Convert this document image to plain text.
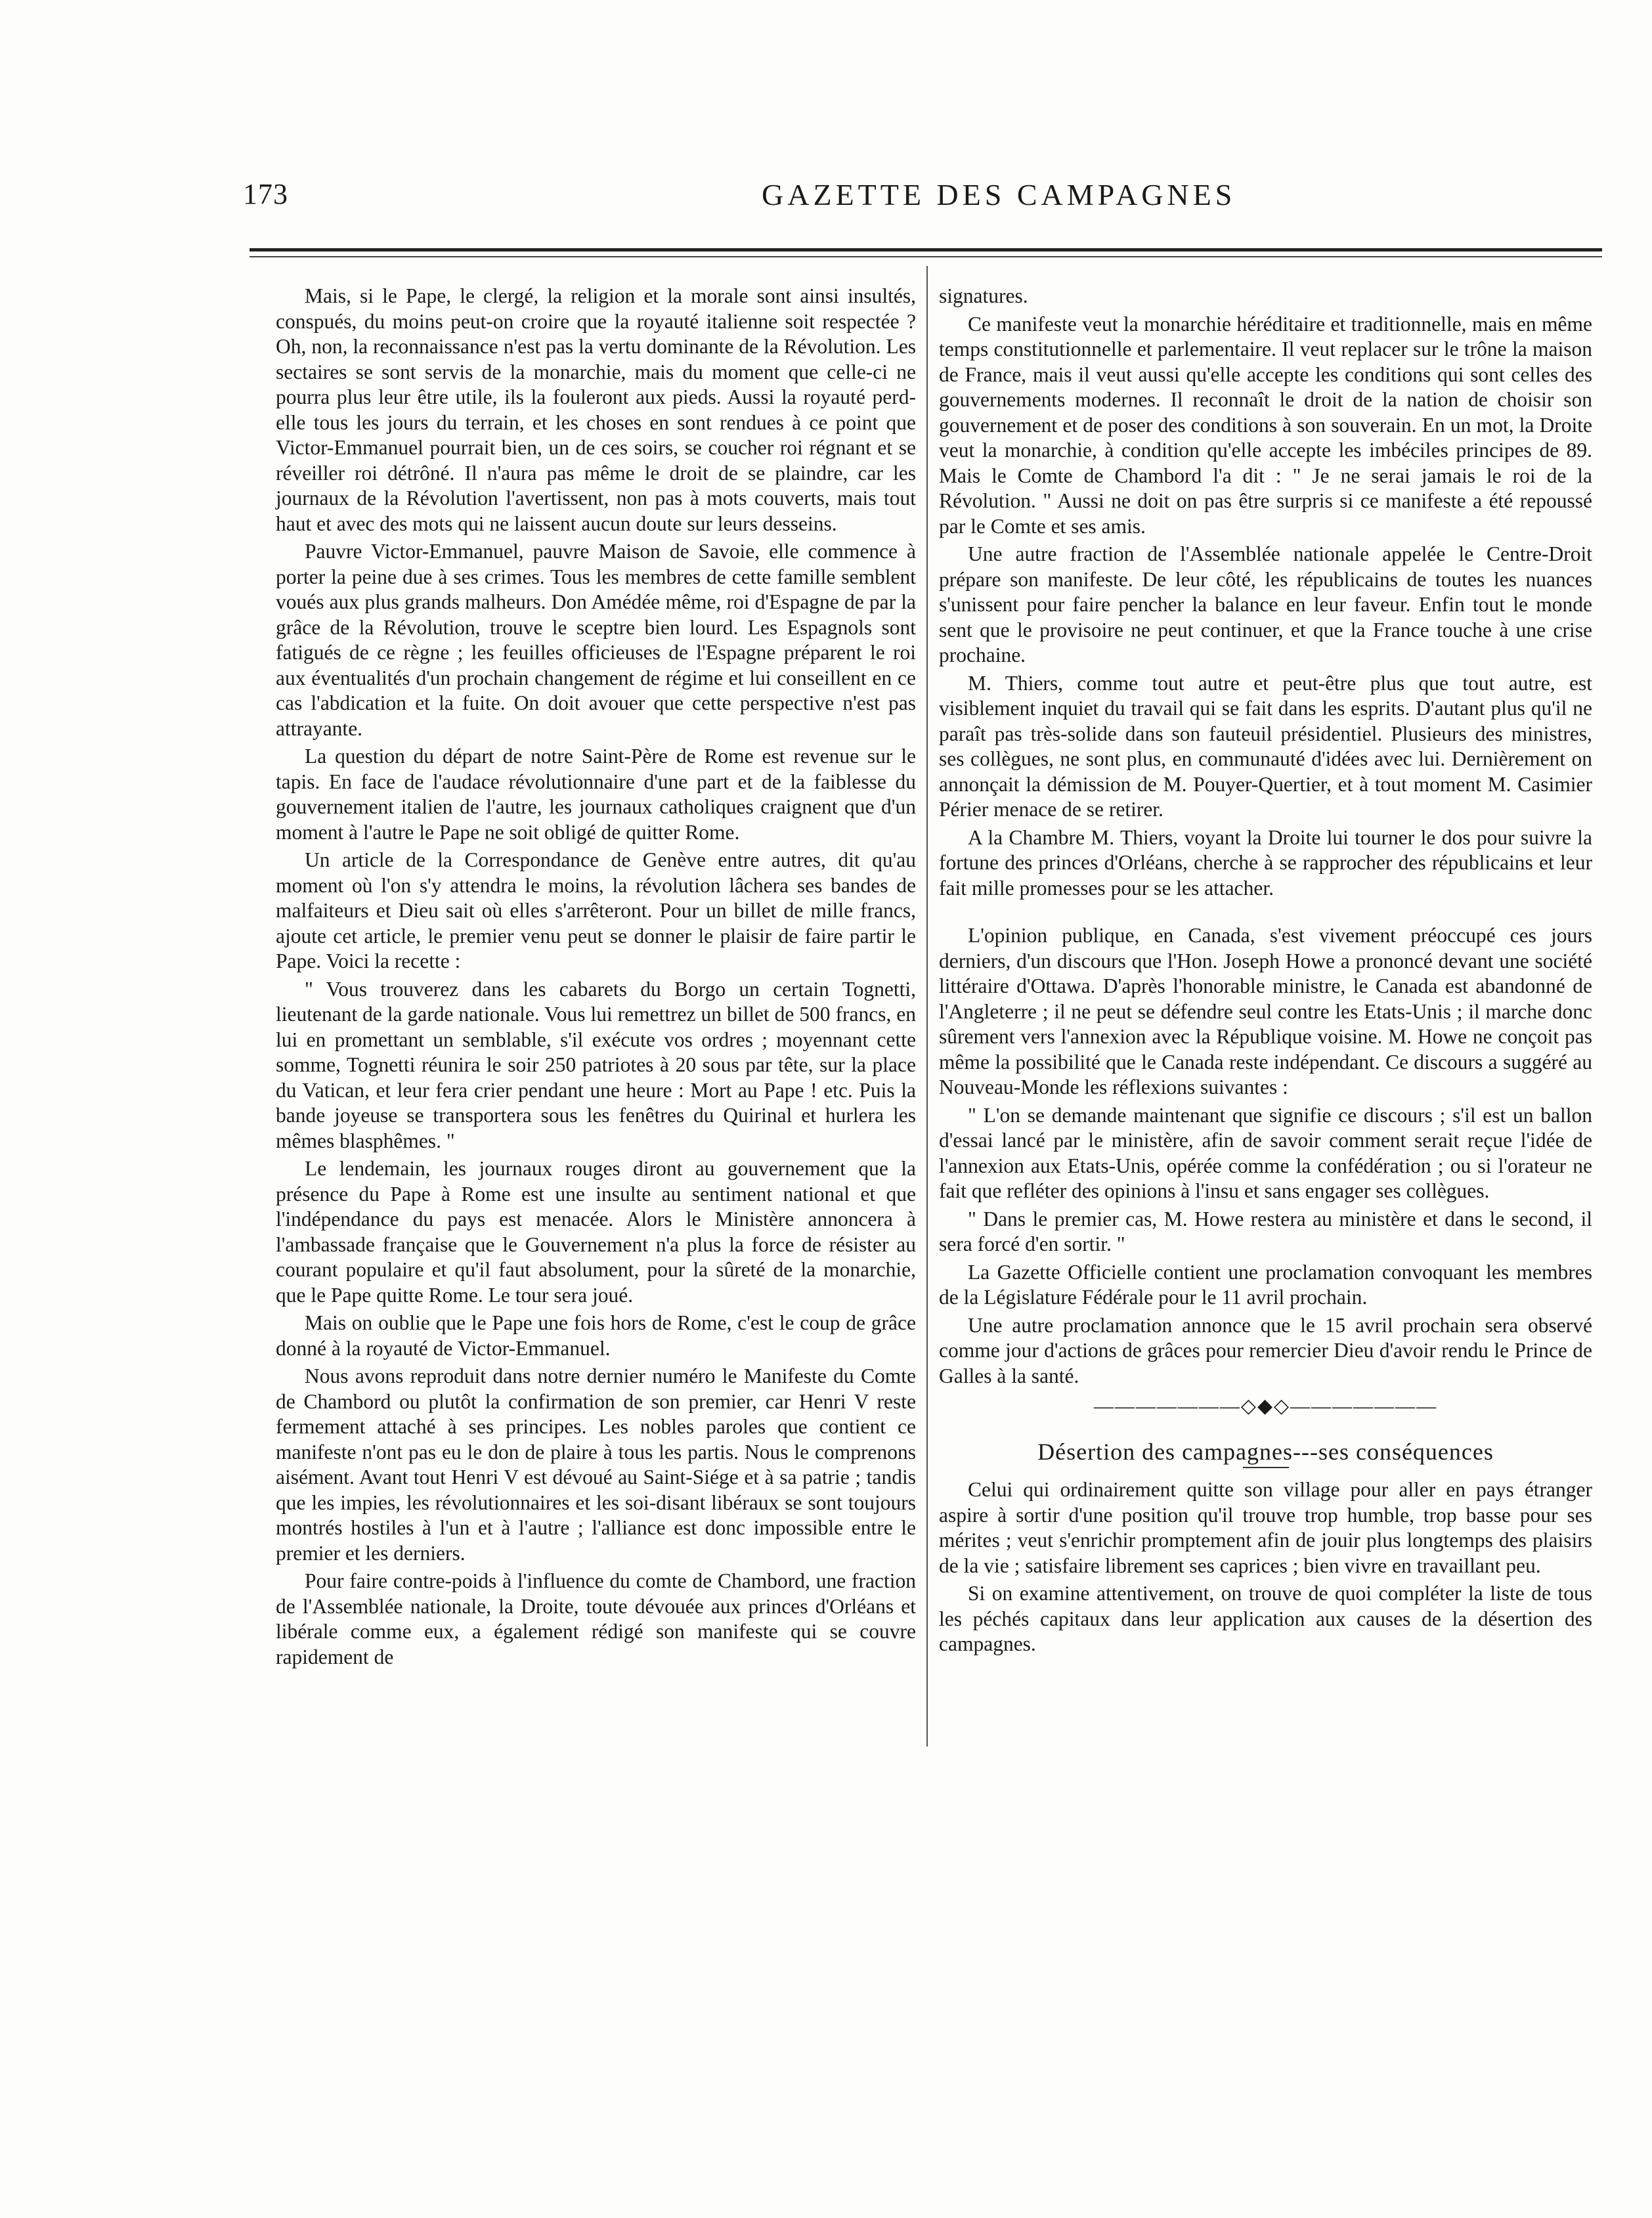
173	GAZETTE DES CAMPAGNES

Mais, si le Pape, le clergé, la religion et la morale sont ainsi insultés, conspués, du moins peut-on croire que la royauté italienne soit respectée ? Oh, non, la reconnaissance n'est pas la vertu dominante de la Révolution. Les sectaires se sont servis de la monarchie, mais du moment que celle-ci ne pourra plus leur être utile, ils la fouleront aux pieds. Aussi la royauté perd-elle tous les jours du terrain, et les choses en sont rendues à ce point que Victor-Emmanuel pourrait bien, un de ces soirs, se coucher roi régnant et se réveiller roi détrôné. Il n'aura pas même le droit de se plaindre, car les journaux de la Révolution l'avertissent, non pas à mots couverts, mais tout haut et avec des mots qui ne laissent aucun doute sur leurs desseins.

Pauvre Victor-Emmanuel, pauvre Maison de Savoie, elle commence à porter la peine due à ses crimes. Tous les membres de cette famille semblent voués aux plus grands malheurs. Don Amédée même, roi d'Espagne de par la grâce de la Révolution, trouve le sceptre bien lourd. Les Espagnols sont fatigués de ce règne ; les feuilles officieuses de l'Espagne préparent le roi aux éventualités d'un prochain changement de régime et lui conseillent en ce cas l'abdication et la fuite. On doit avouer que cette perspective n'est pas attrayante.

La question du départ de notre Saint-Père de Rome est revenue sur le tapis. En face de l'audace révolutionnaire d'une part et de la faiblesse du gouvernement italien de l'autre, les journaux catholiques craignent que d'un moment à l'autre le Pape ne soit obligé de quitter Rome.

Un article de la Correspondance de Genève entre autres, dit qu'au moment où l'on s'y attendra le moins, la révolution lâchera ses bandes de malfaiteurs et Dieu sait où elles s'arrêteront. Pour un billet de mille francs, ajoute cet article, le premier venu peut se donner le plaisir de faire partir le Pape. Voici la recette :

" Vous trouverez dans les cabarets du Borgo un certain Tognetti, lieutenant de la garde nationale. Vous lui remettrez un billet de 500 francs, en lui en promettant un semblable, s'il exécute vos ordres ; moyennant cette somme, Tognetti réunira le soir 250 patriotes à 20 sous par tête, sur la place du Vatican, et leur fera crier pendant une heure : Mort au Pape ! etc. Puis la bande joyeuse se transportera sous les fenêtres du Quirinal et hurlera les mêmes blasphêmes. "

Le lendemain, les journaux rouges diront au gouvernement que la présence du Pape à Rome est une insulte au sentiment national et que l'indépendance du pays est menacée. Alors le Ministère annoncera à l'ambassade française que le Gouvernement n'a plus la force de résister au courant populaire et qu'il faut absolument, pour la sûreté de la monarchie, que le Pape quitte Rome. Le tour sera joué.

Mais on oublie que le Pape une fois hors de Rome, c'est le coup de grâce donné à la royauté de Victor-Emmanuel.

Nous avons reproduit dans notre dernier numéro le Manifeste du Comte de Chambord ou plutôt la confirmation de son premier, car Henri V reste fermement attaché à ses principes. Les nobles paroles que contient ce manifeste n'ont pas eu le don de plaire à tous les partis. Nous le comprenons aisément. Avant tout Henri V est dévoué au Saint-Siége et à sa patrie ; tandis que les impies, les révolutionnaires et les soi-disant libéraux se sont toujours montrés hostiles à l'un et à l'autre ; l'alliance est donc impossible entre le premier et les derniers.

Pour faire contre-poids à l'influence du comte de Chambord, une fraction de l'Assemblée nationale, la Droite, toute dévouée aux princes d'Orléans et libérale comme eux, a également rédigé son manifeste qui se couvre rapidement de

signatures.

Ce manifeste veut la monarchie héréditaire et traditionnelle, mais en même temps constitutionnelle et parlementaire. Il veut replacer sur le trône la maison de France, mais il veut aussi qu'elle accepte les conditions qui sont celles des gouvernements modernes. Il reconnaît le droit de la nation de choisir son gouvernement et de poser des conditions à son souverain. En un mot, la Droite veut la monarchie, à condition qu'elle accepte les imbéciles principes de 89. Mais le Comte de Chambord l'a dit : " Je ne serai jamais le roi de la Révolution. " Aussi ne doit on pas être surpris si ce manifeste a été repoussé par le Comte et ses amis.

Une autre fraction de l'Assemblée nationale appelée le Centre-Droit prépare son manifeste. De leur côté, les républicains de toutes les nuances s'unissent pour faire pencher la balance en leur faveur. Enfin tout le monde sent que le provisoire ne peut continuer, et que la France touche à une crise prochaine.

M. Thiers, comme tout autre et peut-être plus que tout autre, est visiblement inquiet du travail qui se fait dans les esprits. D'autant plus qu'il ne paraît pas très-solide dans son fauteuil présidentiel. Plusieurs des ministres, ses collègues, ne sont plus, en communauté d'idées avec lui. Dernièrement on annonçait la démission de M. Pouyer-Quertier, et à tout moment M. Casimier Périer menace de se retirer.

A la Chambre M. Thiers, voyant la Droite lui tourner le dos pour suivre la fortune des princes d'Orléans, cherche à se rapprocher des républicains et leur fait mille promesses pour se les attacher.

L'opinion publique, en Canada, s'est vivement préoccupé ces jours derniers, d'un discours que l'Hon. Joseph Howe a prononcé devant une société littéraire d'Ottawa. D'après l'honorable ministre, le Canada est abandonné de l'Angleterre ; il ne peut se défendre seul contre les Etats-Unis ; il marche donc sûrement vers l'annexion avec la République voisine. M. Howe ne conçoit pas même la possibilité que le Canada reste indépendant. Ce discours a suggéré au Nouveau-Monde les réflexions suivantes :

" L'on se demande maintenant que signifie ce discours ; s'il est un ballon d'essai lancé par le ministère, afin de savoir comment serait reçue l'idée de l'annexion aux Etats-Unis, opérée comme la confédération ; ou si l'orateur ne fait que refléter des opinions à l'insu et sans engager ses collègues.

" Dans le premier cas, M. Howe restera au ministère et dans le second, il sera forcé d'en sortir. "

La Gazette Officielle contient une proclamation convoquant les membres de la Législature Fédérale pour le 11 avril prochain.

Une autre proclamation annonce que le 15 avril prochain sera observé comme jour d'actions de grâces pour remercier Dieu d'avoir rendu le Prince de Galles à la santé.

———————◇◆◇———————
Désertion des campagnes---ses conséquences

Celui qui ordinairement quitte son village pour aller en pays étranger aspire à sortir d'une position qu'il trouve trop humble, trop basse pour ses mérites ; veut s'enrichir promptement afin de jouir plus longtemps des plaisirs de la vie ; satisfaire librement ses caprices ; bien vivre en travaillant peu.

Si on examine attentivement, on trouve de quoi compléter la liste de tous les péchés capitaux dans leur application aux causes de la désertion des campagnes.
